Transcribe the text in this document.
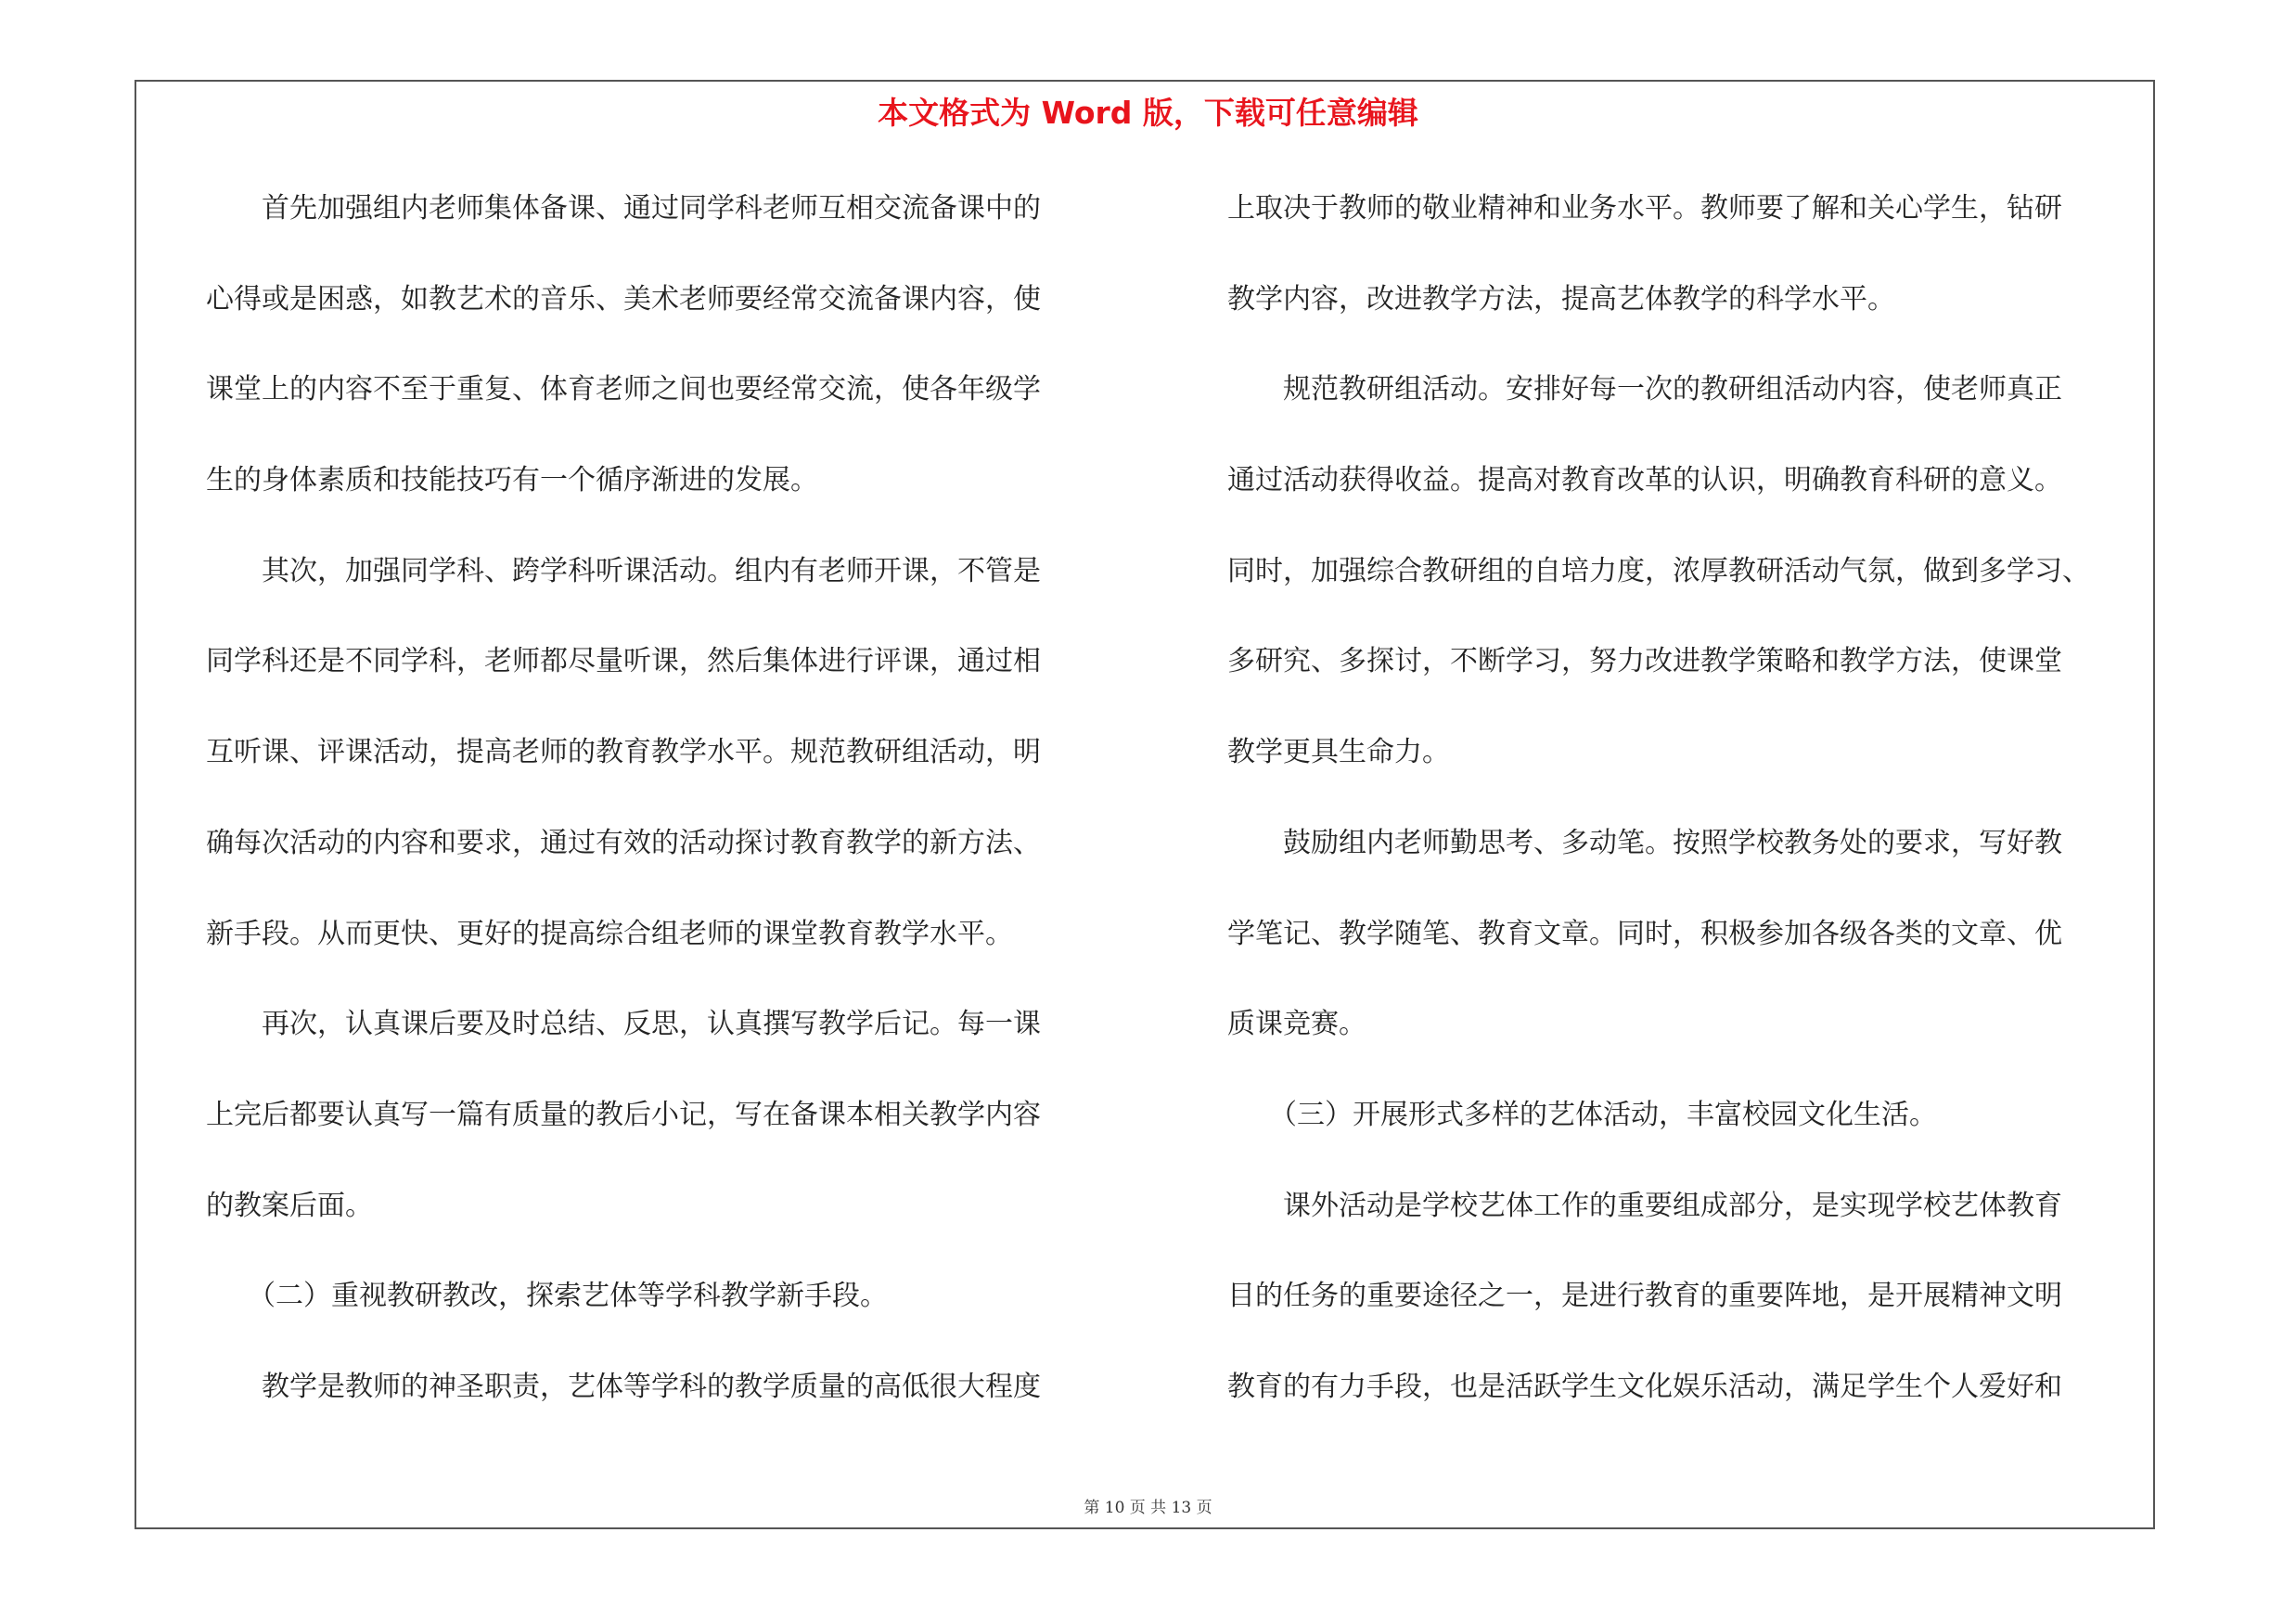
本文格式为 Word 版，下载可任意编辑
　　首先加强组内老师集体备课、通过同学科老师互相交流备课中的
心得或是困惑，如教艺术的音乐、美术老师要经常交流备课内容，使
课堂上的内容不至于重复、体育老师之间也要经常交流，使各年级学
生的身体素质和技能技巧有一个循序渐进的发展。
　　其次，加强同学科、跨学科听课活动。组内有老师开课，不管是
同学科还是不同学科，老师都尽量听课，然后集体进行评课，通过相
互听课、评课活动，提高老师的教育教学水平。规范教研组活动，明
确每次活动的内容和要求，通过有效的活动探讨教育教学的新方法、
新手段。从而更快、更好的提高综合组老师的课堂教育教学水平。
　　再次，认真课后要及时总结、反思，认真撰写教学后记。每一课
上完后都要认真写一篇有质量的教后小记，写在备课本相关教学内容
的教案后面。
　　（二）重视教研教改，探索艺体等学科教学新手段。
　　教学是教师的神圣职责，艺体等学科的教学质量的高低很大程度
上取决于教师的敬业精神和业务水平。教师要了解和关心学生，钻研
教学内容，改进教学方法，提高艺体教学的科学水平。
　　规范教研组活动。安排好每一次的教研组活动内容，使老师真正
通过活动获得收益。提高对教育改革的认识，明确教育科研的意义。
同时，加强综合教研组的自培力度，浓厚教研活动气氛，做到多学习、
多研究、多探讨，不断学习，努力改进教学策略和教学方法，使课堂
教学更具生命力。
　　鼓励组内老师勤思考、多动笔。按照学校教务处的要求，写好教
学笔记、教学随笔、教育文章。同时，积极参加各级各类的文章、优
质课竞赛。
　　（三）开展形式多样的艺体活动，丰富校园文化生活。
　　课外活动是学校艺体工作的重要组成部分，是实现学校艺体教育
目的任务的重要途径之一，是进行教育的重要阵地，是开展精神文明
教育的有力手段，也是活跃学生文化娱乐活动，满足学生个人爱好和
第 10 页 共 13 页
